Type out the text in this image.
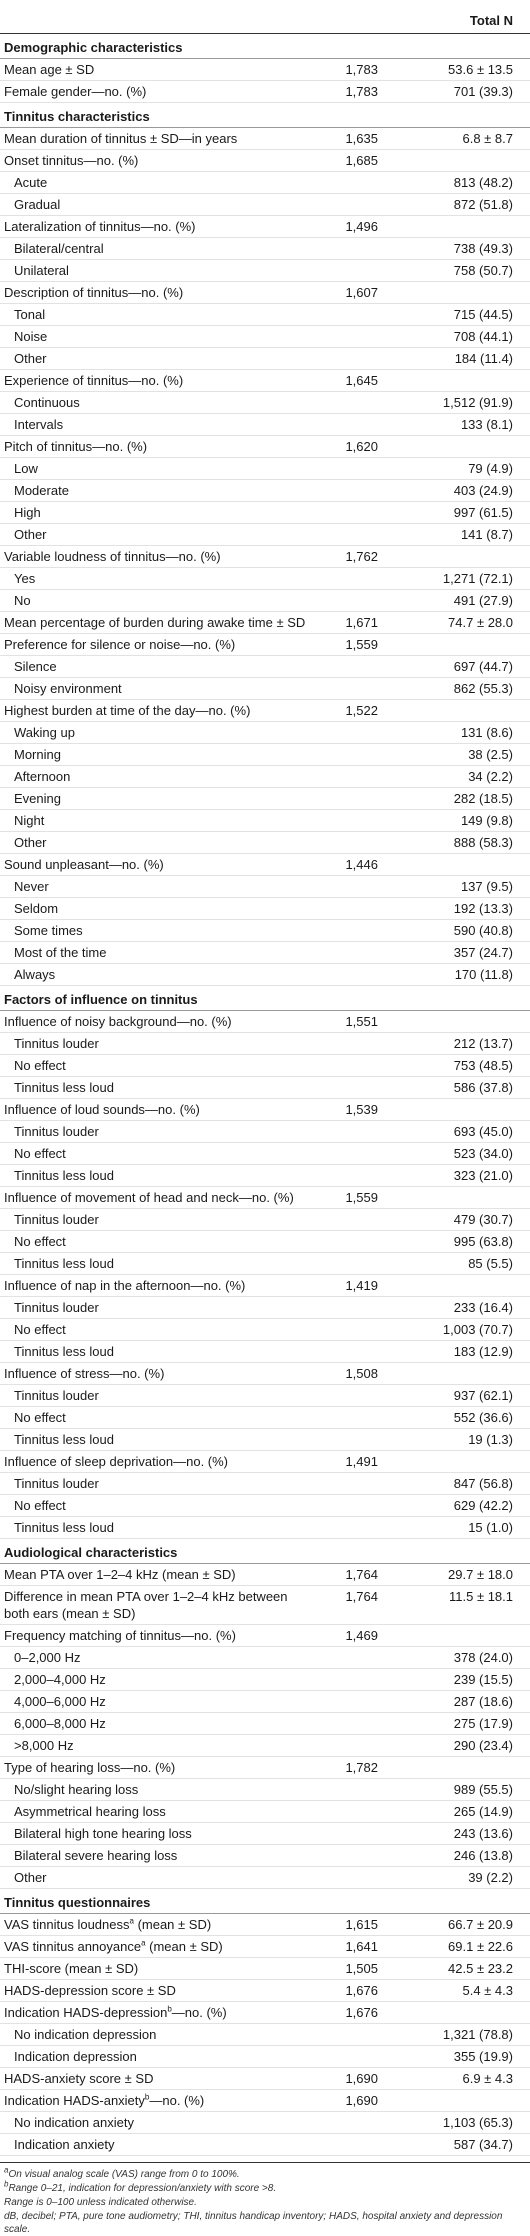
Total N
Demographic characteristics
Mean age ± SD	1,783	53.6 ± 13.5
Female gender—no. (%)	1,783	701 (39.3)
Tinnitus characteristics
Mean duration of tinnitus ± SD—in years	1,635	6.8 ± 8.7
Onset tinnitus—no. (%)	1,685
Acute	813 (48.2)
Gradual	872 (51.8)
Lateralization of tinnitus—no. (%)	1,496
Bilateral/central	738 (49.3)
Unilateral	758 (50.7)
Description of tinnitus—no. (%)	1,607
Tonal	715 (44.5)
Noise	708 (44.1)
Other	184 (11.4)
Experience of tinnitus—no. (%)	1,645
Continuous	1,512 (91.9)
Intervals	133 (8.1)
Pitch of tinnitus—no. (%)	1,620
Low	79 (4.9)
Moderate	403 (24.9)
High	997 (61.5)
Other	141 (8.7)
Variable loudness of tinnitus—no. (%)	1,762
Yes	1,271 (72.1)
No	491 (27.9)
Mean percentage of burden during awake time ± SD	1,671	74.7 ± 28.0
Preference for silence or noise—no. (%)	1,559
Silence	697 (44.7)
Noisy environment	862 (55.3)
Highest burden at time of the day—no. (%)	1,522
Waking up	131 (8.6)
Morning	38 (2.5)
Afternoon	34 (2.2)
Evening	282 (18.5)
Night	149 (9.8)
Other	888 (58.3)
Sound unpleasant—no. (%)	1,446
Never	137 (9.5)
Seldom	192 (13.3)
Some times	590 (40.8)
Most of the time	357 (24.7)
Always	170 (11.8)
Factors of influence on tinnitus
Influence of noisy background—no. (%)	1,551
Tinnitus louder	212 (13.7)
No effect	753 (48.5)
Tinnitus less loud	586 (37.8)
Influence of loud sounds—no. (%)	1,539
Tinnitus louder	693 (45.0)
No effect	523 (34.0)
Tinnitus less loud	323 (21.0)
Influence of movement of head and neck—no. (%)	1,559
Tinnitus louder	479 (30.7)
No effect	995 (63.8)
Tinnitus less loud	85 (5.5)
Influence of nap in the afternoon—no. (%)	1,419
Tinnitus louder	233 (16.4)
No effect	1,003 (70.7)
Tinnitus less loud	183 (12.9)
Influence of stress—no. (%)	1,508
Tinnitus louder	937 (62.1)
No effect	552 (36.6)
Tinnitus less loud	19 (1.3)
Influence of sleep deprivation—no. (%)	1,491
Tinnitus louder	847 (56.8)
No effect	629 (42.2)
Tinnitus less loud	15 (1.0)
Audiological characteristics
Mean PTA over 1–2–4 kHz (mean ± SD)	1,764	29.7 ± 18.0
Difference in mean PTA over 1–2–4 kHz between both ears (mean ± SD)
1,764	11.5 ± 18.1
Frequency matching of tinnitus—no. (%)	1,469
0–2,000 Hz	378 (24.0)
2,000–4,000 Hz	239 (15.5)
4,000–6,000 Hz	287 (18.6)
6,000–8,000 Hz	275 (17.9)
>8,000 Hz	290 (23.4)
Type of hearing loss—no. (%)	1,782
No/slight hearing loss	989 (55.5)
Asymmetrical hearing loss	265 (14.9)
Bilateral high tone hearing loss	243 (13.6)
Bilateral severe hearing loss	246 (13.8)
Other	39 (2.2)
Tinnitus questionnaires
VAS tinnitus loudness$^a$ (mean ± SD)	1,615	66.7 ± 20.9
VAS tinnitus annoyance$^a$ (mean ± SD)	1,641	69.1 ± 22.6
THI-score (mean ± SD)	1,505	42.5 ± 23.2
HADS-depression score ± SD	1,676	5.4 ± 4.3
Indication HADS-depression$^b$—no. (%)	1,676
No indication depression	1,321 (78.8)
Indication depression	355 (19.9)
HADS-anxiety score ± SD	1,690	6.9 ± 4.3
Indication HADS-anxiety$^b$—no. (%)	1,690
No indication anxiety	1,103 (65.3)
Indication anxiety	587 (34.7)
$^a$On visual analog scale (VAS) range from 0 to 100%.
$^b$Range 0–21, indication for depression/anxiety with score >8.
Range is 0–100 unless indicated otherwise.
dB, decibel; PTA, pure tone audiometry; THI, tinnitus handicap inventory; HADS, hospital anxiety and depression scale.
